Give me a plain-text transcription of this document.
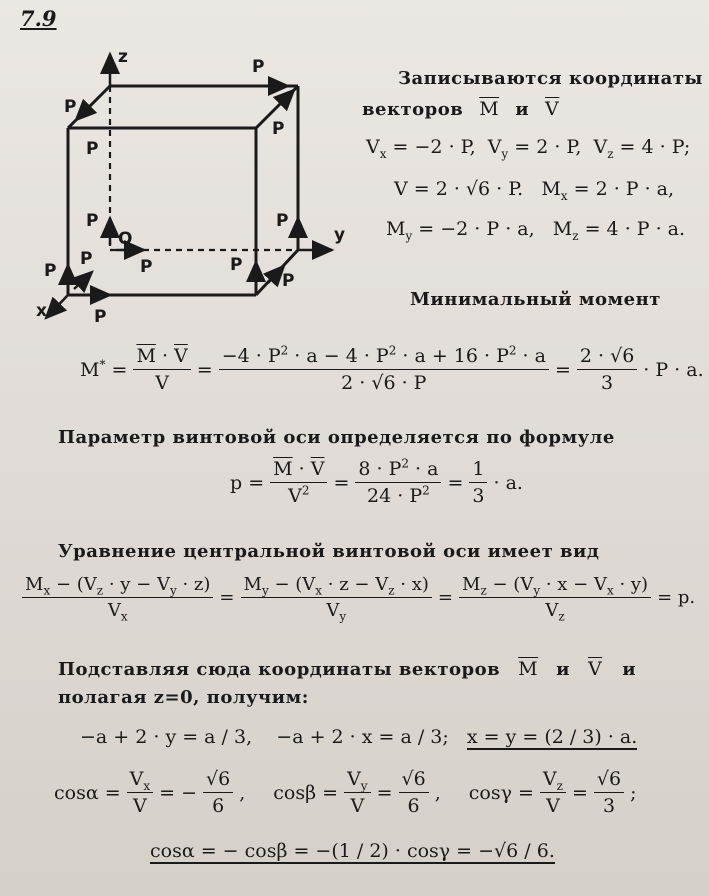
7.9
z
y
x
O
P
P
P
P
P
P
P
P
P
P
P
P
Записываются координаты
векторов $\overline{M}$ и $\overline{V}$
$V_x = -2 \cdot P$,  $V_y = 2 \cdot P$,  $V_z = 4 \cdot P$;
V = 2 · √6 · P.   $M_x = 2 \cdot P \cdot a$,
$M_y = -2 \cdot P \cdot a$,   $M_z = 4 \cdot P \cdot a$.
Минимальный момент
$M^* = \frac{\overline{M} \cdot \overline{V}}{V} = \frac{-4 \cdot P^2 \cdot a - 4 \cdot P^2 \cdot a + 16 \cdot P^2 \cdot a}{2 \cdot √6 \cdot P} = \frac{2 \cdot √6}{3} \cdot P \cdot a$.
Параметр винтовой оси определяется по формуле
$p = \frac{\overline{M} \cdot \overline{V}}{V^2} = \frac{8 \cdot P^2 \cdot a}{24 \cdot P^2} = \frac{1}{3} \cdot a$.
Уравнение центральной винтовой оси имеет вид
$\frac{M_x - (V_z \cdot y - V_y \cdot z)}{V_x} = \frac{M_y - (V_x \cdot z - V_z \cdot x)}{V_y} = \frac{M_z - (V_y \cdot x - V_x \cdot y)}{V_z} = p$.
Подставляя сюда координаты векторов $\overline{M}$ и $\overline{V}$ и
полагая z=0, получим:
−a + 2 · y = a / 3,    −a + 2 · x = a / 3;   x = y = (2 / 3) · a.
$\cos\alpha = \frac{V_x}{V}$ = − $\frac{√6}{6}$ , $\cos\beta = \frac{V_y}{V} = \frac{√6}{6}$ , $\cos\gamma = \frac{V_z}{V} = \frac{√6}{3}$ ;
cosα = − cosβ = −(1 / 2) · cosγ = −√6 / 6.
